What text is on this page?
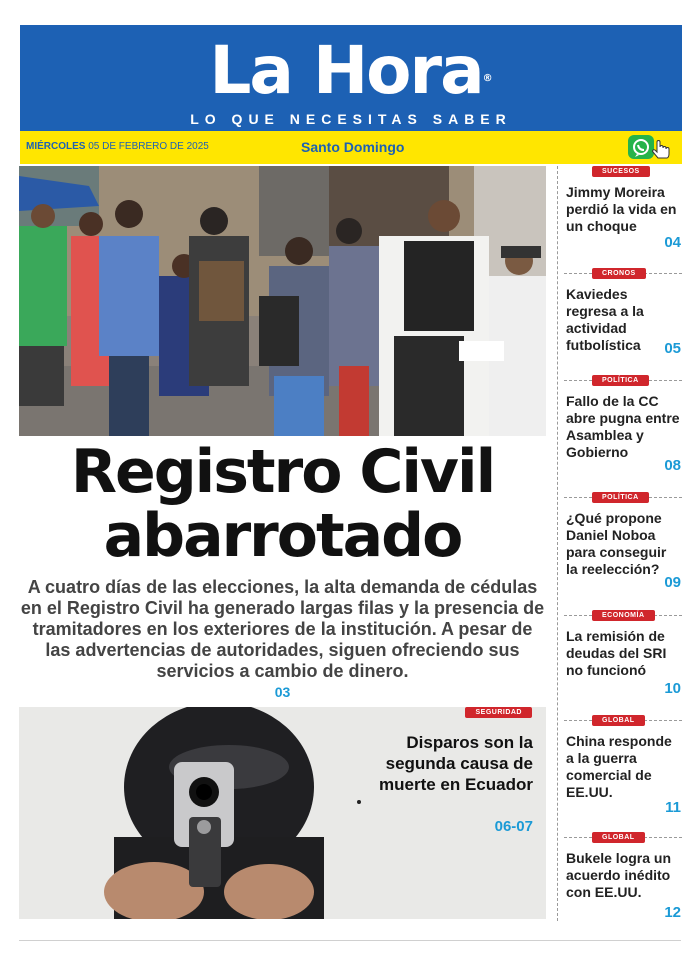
La Hora®
LO QUE NECESITAS SABER
MIÉRCOLES 05 DE FEBRERO DE 2025	Santo Domingo
Registro Civil
abarrotado
A cuatro días de las elecciones, la alta demanda de cédulas en el Registro Civil ha generado largas filas y la presencia de tramitadores en los exteriores de la institución. A pesar de las advertencias de autoridades, siguen ofreciendo sus servicios a cambio de dinero.
03
SEGURIDAD
Disparos son la segunda causa de muerte en Ecuador
06-07
SUCESOS
Jimmy Moreira perdió la vida en un choque
04
CRONOS
Kaviedes regresa a la actividad futbolística	05
POLÍTICA
Fallo de la CC abre pugna entre Asamblea y Gobierno
08
POLÍTICA
¿Qué propone Daniel Noboa para conseguir la reelección?
09
ECONOMÍA
La remisión de deudas del SRI no funcionó
10
GLOBAL
China responde a la guerra comercial de EE.UU.
11
GLOBAL
Bukele logra un acuerdo inédito con EE.UU.
12
